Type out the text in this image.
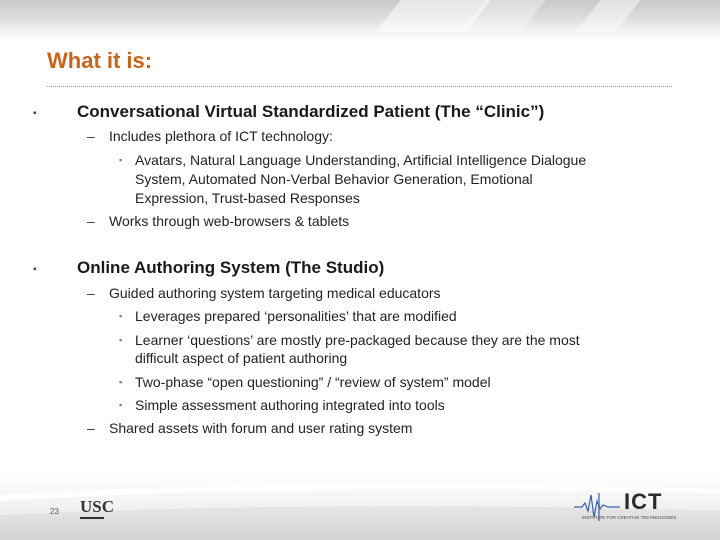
What it is:
▪ Conversational Virtual Standardized Patient (The “Clinic”)
– Includes plethora of ICT technology:
▪ Avatars, Natural Language Understanding, Artificial Intelligence Dialogue
System, Automated Non-Verbal Behavior Generation, Emotional
Expression, Trust-based Responses
– Works through web-browsers & tablets
▪ Online Authoring System (The Studio)
– Guided authoring system targeting medical educators
▪ Leverages prepared ‘personalities’ that are modified
▪ Learner ‘questions’ are mostly pre-packaged because they are the most
difficult aspect of patient authoring
▪ Two-phase “open questioning” / “review of system” model
▪ Simple assessment authoring integrated into tools
– Shared assets with forum and user rating system
23 USC	ICT
INSTITUTE FOR CREATIVE TECHNOLOGIES
